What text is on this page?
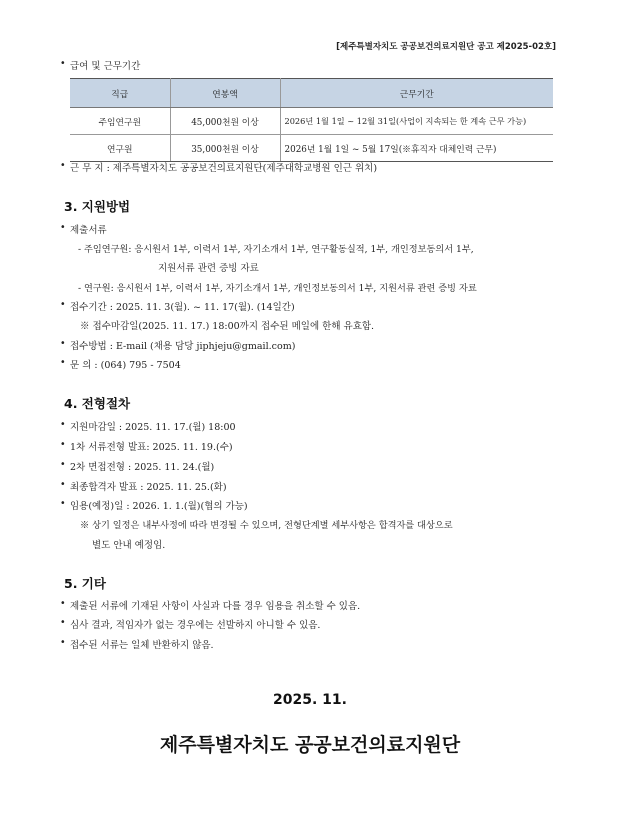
[제주특별자치도 공공보건의료지원단 공고 제2025-02호]
• 급여 및 근무기간
직급	연봉액	근무기간
주임연구원	45,000천원 이상	2026년 1월 1일 ~ 12월 31일(사업이 지속되는 한 계속 근무 가능)
연구원	35,000천원 이상	2026년 1월 1일 ~ 5월 17일(※휴직자 대체인력 근무)
• 근 무 지 : 제주특별자치도 공공보건의료지원단(제주대학교병원 인근 위치)
3. 지원방법
• 제출서류
- 주임연구원: 응시원서 1부, 이력서 1부, 자기소개서 1부, 연구활동실적, 1부, 개인정보동의서 1부,
지원서류 관련 증빙 자료
- 연구원: 응시원서 1부, 이력서 1부, 자기소개서 1부, 개인정보동의서 1부, 지원서류 관련 증빙 자료
• 접수기간 : 2025. 11. 3(월). ~ 11. 17(월). (14일간)
※ 접수마감일(2025. 11. 17.) 18:00까지 접수된 메일에 한해 유효함.
• 접수방법 : E-mail (채용 담당 jiphjeju@gmail.com)
• 문 의 : (064) 795 - 7504
4. 전형절차
• 지원마감일 : 2025. 11. 17.(월) 18:00
• 1차 서류전형 발표: 2025. 11. 19.(수)
• 2차 면접전형 : 2025. 11. 24.(월)
• 최종합격자 발표 : 2025. 11. 25.(화)
• 임용(예정)일 : 2026. 1. 1.(월)(협의 가능)
※ 상기 일정은 내부사정에 따라 변경될 수 있으며, 전형단계별 세부사항은 합격자를 대상으로
별도 안내 예정임.
5. 기타
• 제출된 서류에 기재된 사항이 사실과 다를 경우 임용을 취소할 수 있음.
• 심사 결과, 적임자가 없는 경우에는 선발하지 아니할 수 있음.
• 접수된 서류는 일체 반환하지 않음.
2025. 11.
제주특별자치도 공공보건의료지원단
